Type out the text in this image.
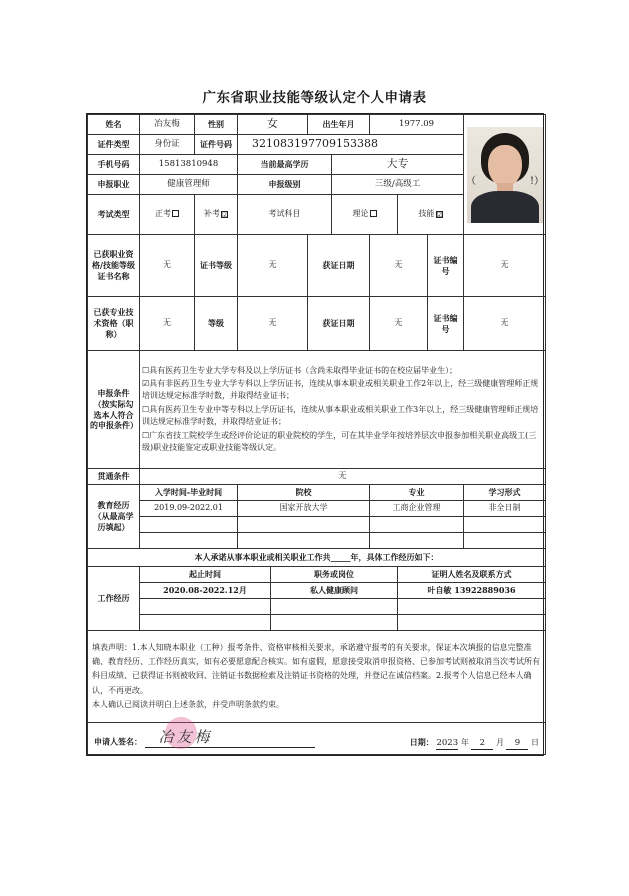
广东省职业技能等级认定个人申请表
姓名	冶友梅	性别	女		出生年月		1977.09			（ !）

证件类型	身份证	证件号码	321083197709153388							
手机号码	15813810948		当前最高学历			大专				
申报职业	健康管理师		申报级别			三级/高级工				
考试类型	正考	补考 ☑	考试科目			理论		技能 ☑		
已获职业资格/技能等级证书名称	无	证书等级	无		获证日期		无		证书编号	无
已获专业技术资格（职称）	无	等级	无		获证日期		无		证书编号	无
申报条件（按实际勾选本人符合的申报条件）	☐具有医药卫生专业大学专科及以上学历证书（含尚未取得毕业证书的在校应届毕业生）；

☑具有非医药卫生专业大学专科以上学历证书，连续从事本职业或相关职业工作2年以上，经三级健康管理师正规培训达规定标准学时数，并取得结业证书；

☐具有医药卫生专业中等专科以上学历证书，连续从事本职业或相关职业工作3年以上，经三级健康管理师正规培训达规定标准学时数，并取得结业证书；

☐广东省技工院校学生或经评价论证的职业院校的学生，可在其毕业学年按培养层次申报参加相关职业高级工(三级)职业技能鉴定或职业技能等级认定。									

贯通条件	无									
教育经历（从最高学历填起）	入学时间-毕业时间		院校				专业			学习形式
	2019.09-2022.01		国家开放大学				工商企业管理			非全日制

本人承诺从事本职业或相关职业工作共_____年，具体工作经历如下：										
工作经历	起止时间			职务或岗位				证明人姓名及联系方式		
	2020.08-2022.12月			私人健康顾问				叶自敏 13922889036		

填表声明：1.本人知晓本职业（工种）报考条件、资格审核相关要求，承诺遵守报考的有关要求，保证本次填报的信息完整准确、教育经历、工作经历真实，如有必要愿意配合核实。如有虚假，愿意接受取消申报资格、已参加考试则被取消当次考试所有科目成绩、已获得证书则被收回、注销证书数据检索及注销证书资格的处理，并登记在诚信档案。2.报考个人信息已经本人确认，不再更改。
本人确认已阅读并明白上述条款，并受声明条款约束。										

申请人签名： 冶友梅 日期： 2023 年 2 月 9 日										
